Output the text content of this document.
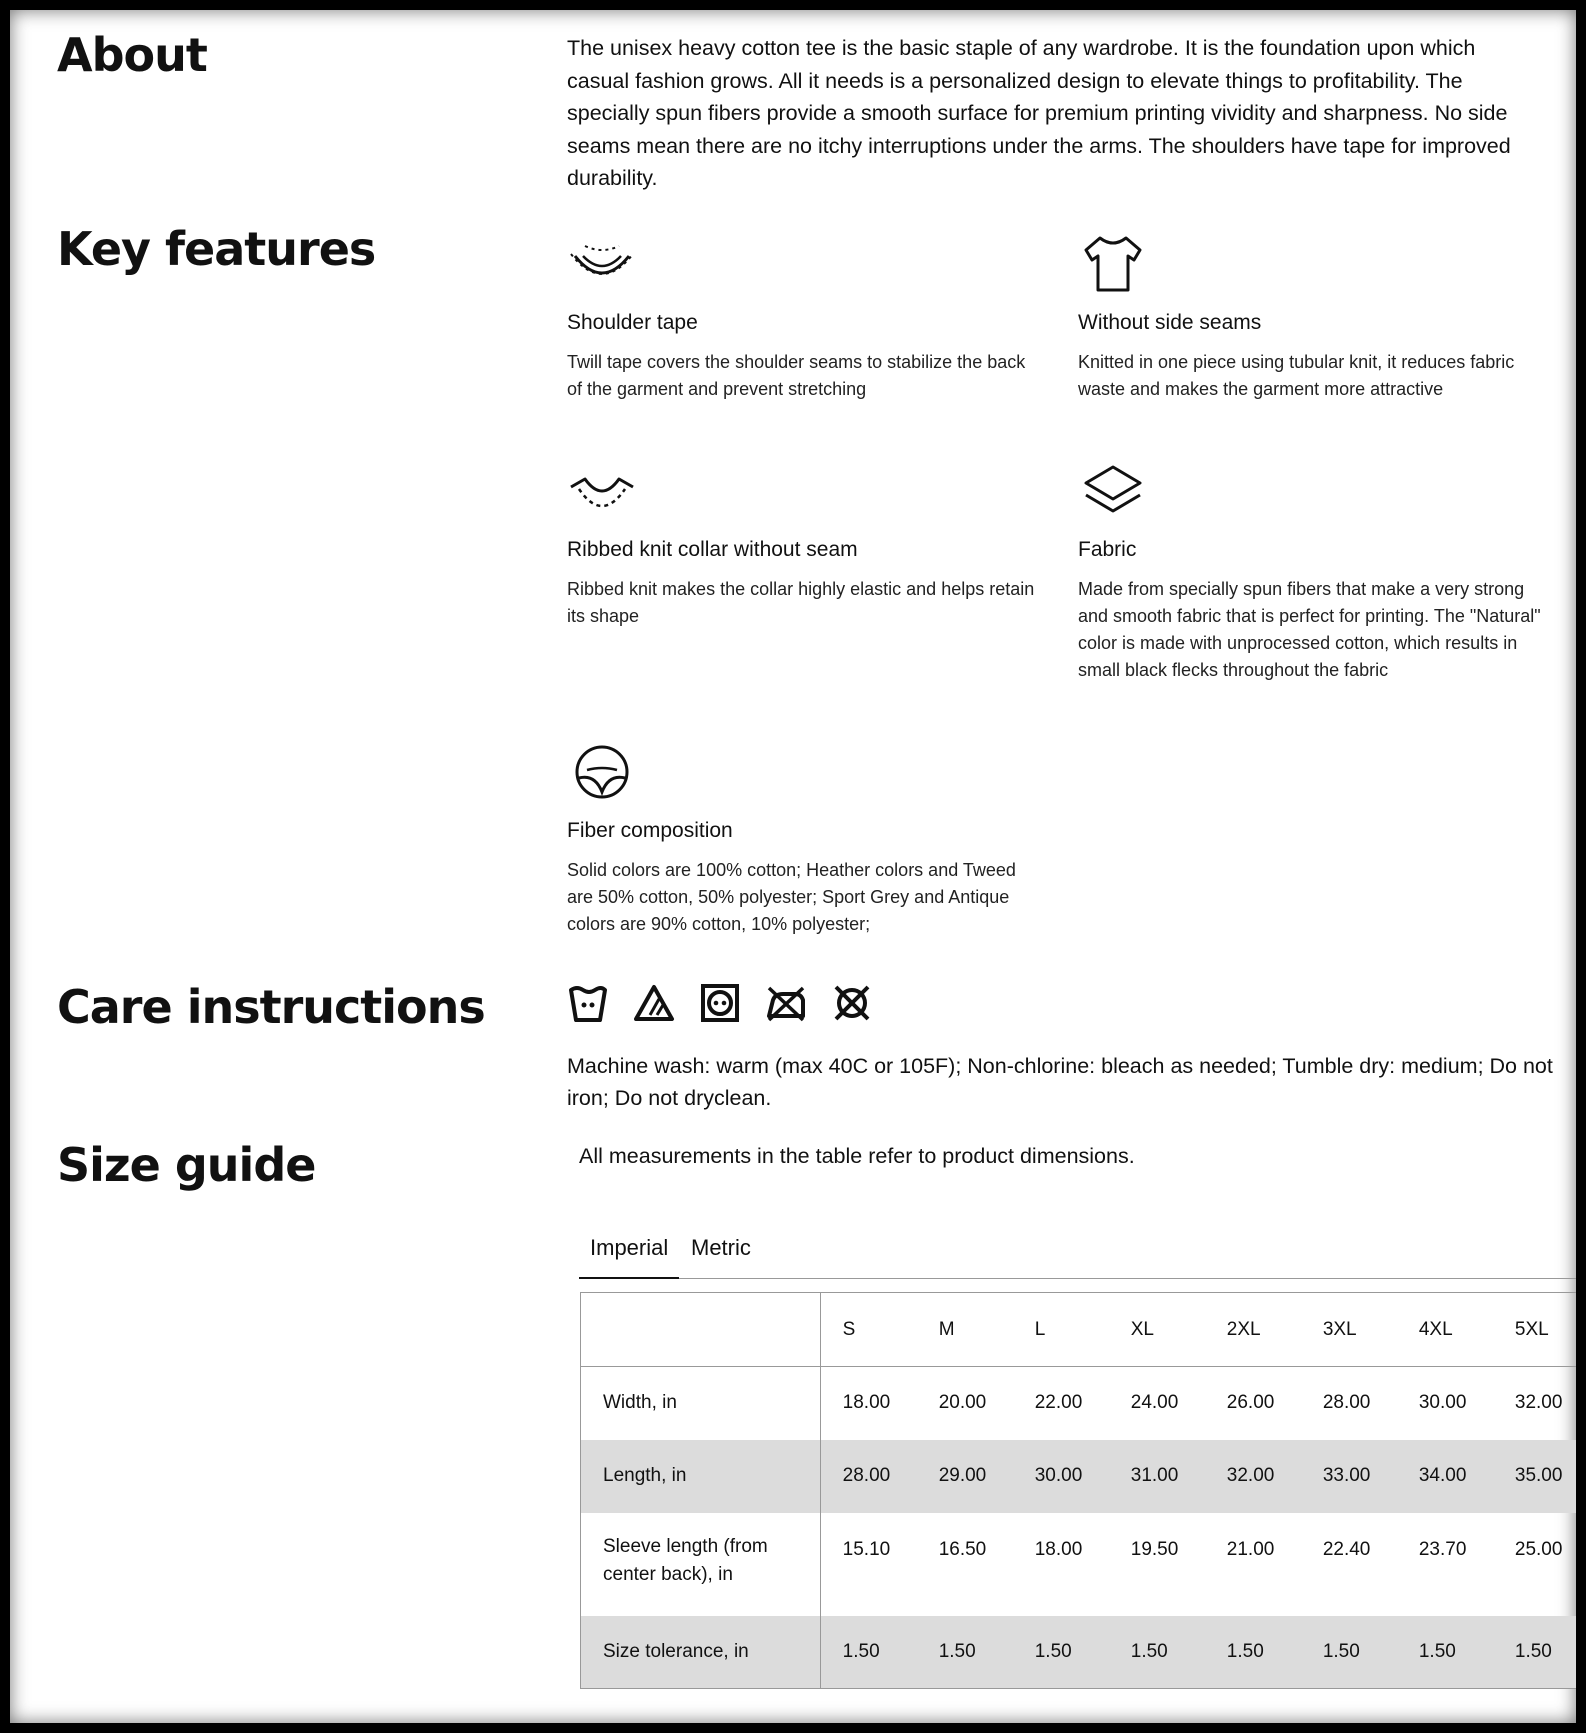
About	The unisex heavy cotton tee is the basic staple of any wardrobe. It is the foundation upon which casual fashion grows. All it needs is a personalized design to elevate things to profitability. The specially spun fibers provide a smooth surface for premium printing vividity and sharpness. No side seams mean there are no itchy interruptions under the arms. The shoulders have tape for improved durability.

Key features
Shoulder tape

Twill tape covers the shoulder seams to stabilize the back of the garment and prevent stretching

Without side seams

Knitted in one piece using tubular knit, it reduces fabric waste and makes the garment more attractive

Ribbed knit collar without seam

Ribbed knit makes the collar highly elastic and helps retain its shape

Fabric

Made from specially spun fibers that make a very strong and smooth fabric that is perfect for printing. The "Natural" color is made with unprocessed cotton, which results in small black flecks throughout the fabric

Fiber composition

Solid colors are 100% cotton; Heather colors and Tweed are 50% cotton, 50% polyester; Sport Grey and Antique colors are 90% cotton, 10% polyester;

Care instructions

Machine wash: warm (max 40C or 105F); Non-chlorine: bleach as needed; Tumble dry: medium; Do not iron; Do not dryclean.

Size guide	All measurements in the table refer to product dimensions.

Imperial	Metric
	S	M	L	XL	2XL	3XL	4XL	5XL
Width, in	18.00	20.00	22.00	24.00	26.00	28.00	30.00	32.00
Length, in	28.00	29.00	30.00	31.00	32.00	33.00	34.00	35.00
Sleeve length (from center back), in	15.10	16.50	18.00	19.50	21.00	22.40	23.70	25.00
Size tolerance, in	1.50	1.50	1.50	1.50	1.50	1.50	1.50	1.50
